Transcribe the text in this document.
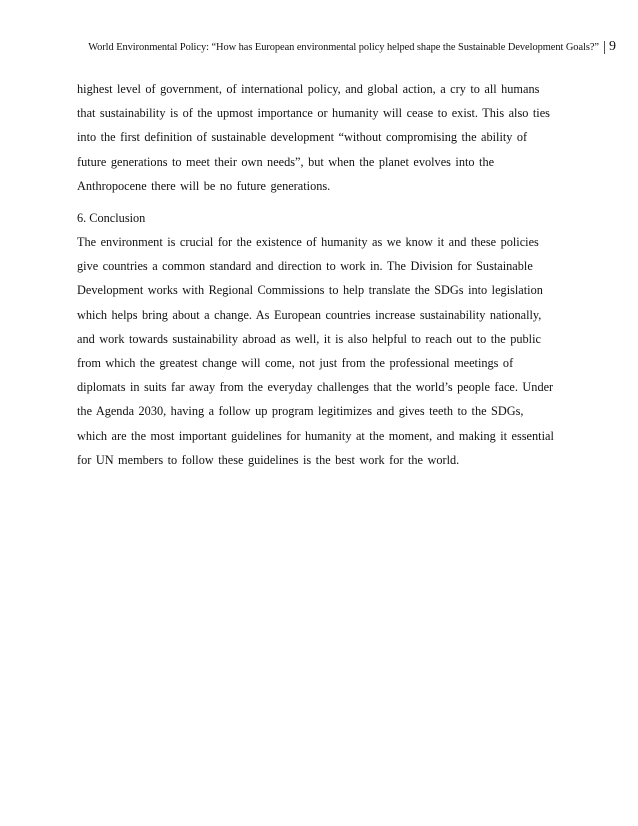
World Environmental Policy: “How has European environmental policy helped shape the Sustainable Development Goals?” | 9

highest level of government, of international policy, and global action, a cry to all humans that sustainability is of the upmost importance or humanity will cease to exist. This also ties into the first definition of sustainable development “without compromising the ability of future generations to meet their own needs”, but when the planet evolves into the Anthropocene there will be no future generations.

6. Conclusion

The environment is crucial for the existence of humanity as we know it and these policies give countries a common standard and direction to work in. The Division for Sustainable Development works with Regional Commissions to help translate the SDGs into legislation which helps bring about a change. As European countries increase sustainability nationally, and work towards sustainability abroad as well, it is also helpful to reach out to the public from which the greatest change will come, not just from the professional meetings of diplomats in suits far away from the everyday challenges that the world’s people face. Under the Agenda 2030, having a follow up program legitimizes and gives teeth to the SDGs, which are the most important guidelines for humanity at the moment, and making it essential for UN members to follow these guidelines is the best work for the world.
